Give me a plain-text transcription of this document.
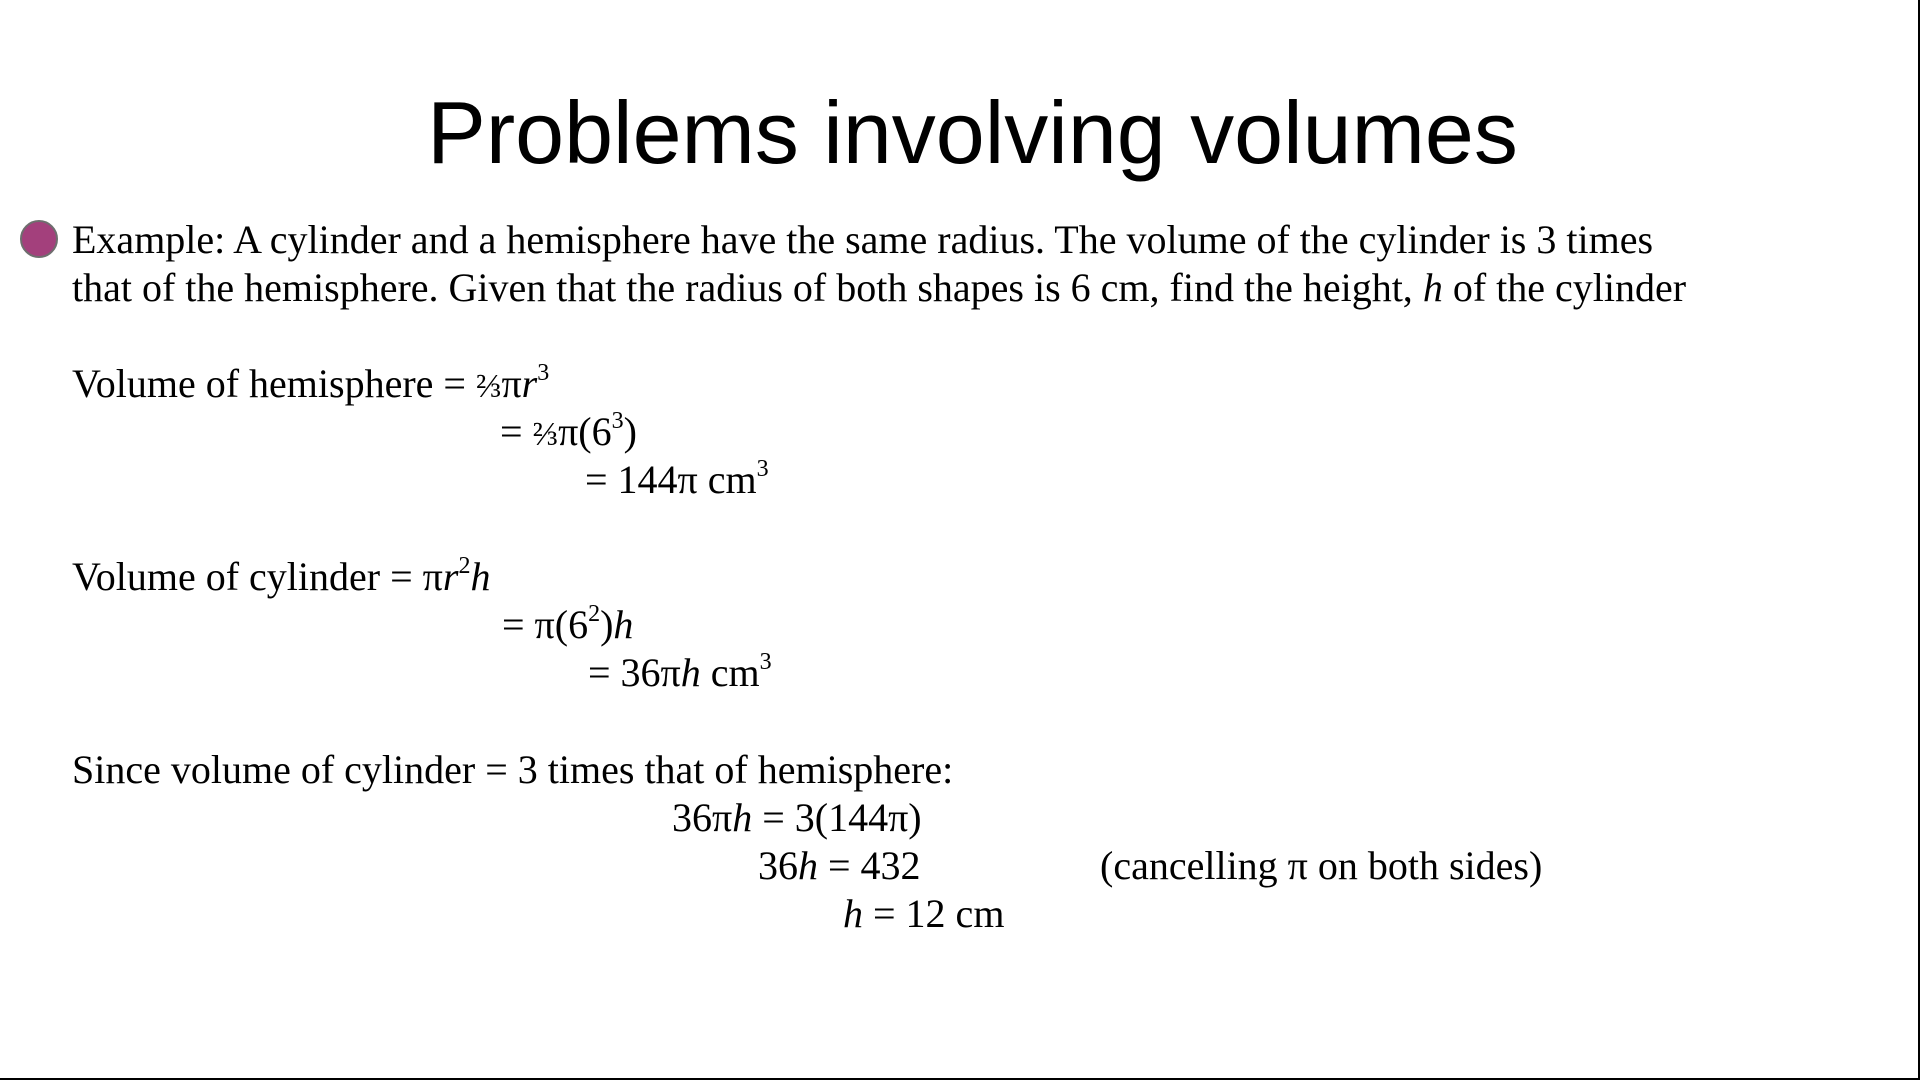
Problems involving volumes
Example: A cylinder and a hemisphere have the same radius. The volume of the cylinder is 3 times
that of the hemisphere. Given that the radius of both shapes is 6 cm, find the height, h of the cylinder
Volume of hemisphere = $\frac{2}{3}\pi r^3$
= $\frac{2}{3}\pi(6^3)$
= 144π $cm^3$
Volume of cylinder = $\pi r^2h$
= $\pi(6^2)h$
= 36πh $cm^3$
Since volume of cylinder = 3 times that of hemisphere:
36πh = 3(144π)
36h = 432	(cancelling π on both sides)
h = 12 cm
